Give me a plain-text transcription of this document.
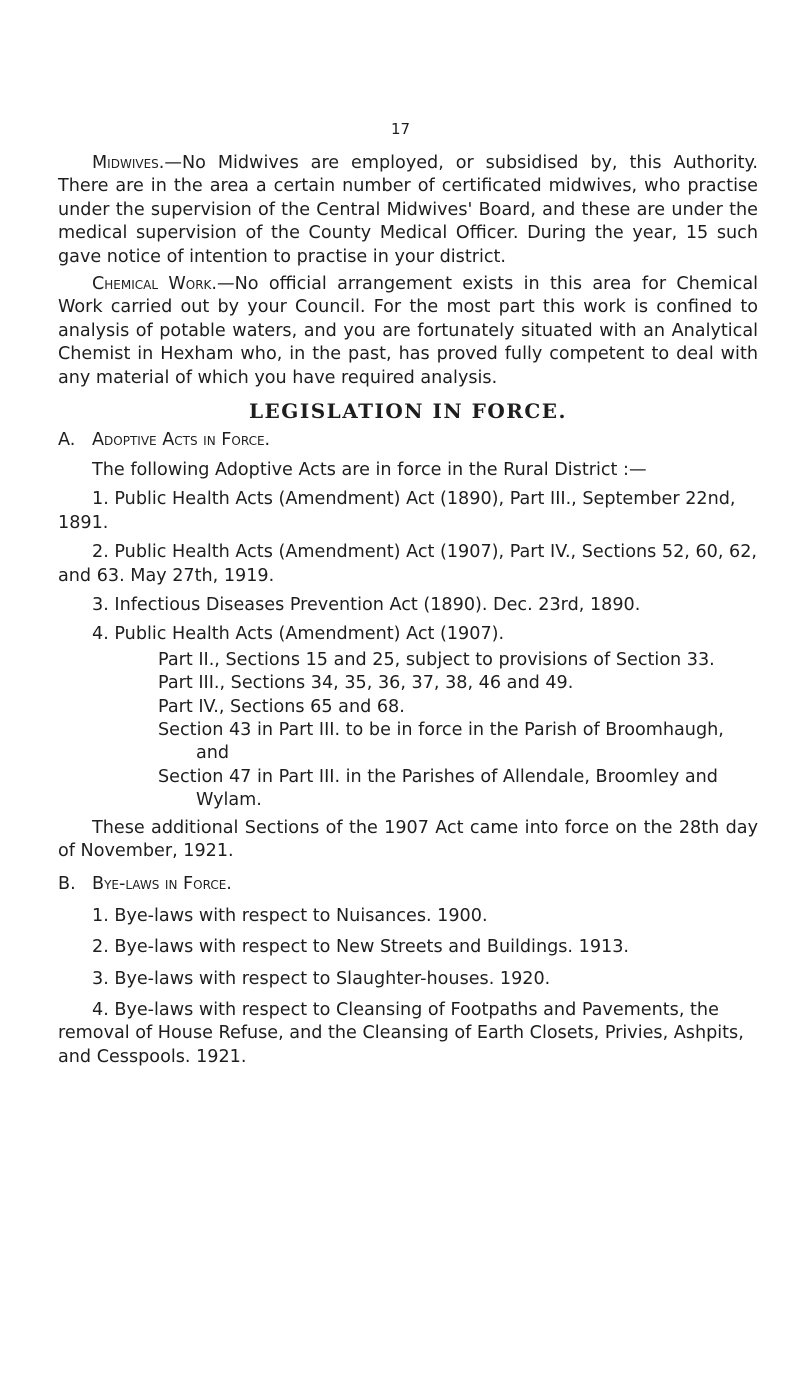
17

Midwives.—No Midwives are employed, or subsidised by, this Authority. There are in the area a certain number of certificated midwives, who practise under the supervision of the Central Midwives' Board, and these are under the medical supervision of the County Medical Officer. During the year, 15 such gave notice of intention to practise in your district.

Chemical Work.—No official arrangement exists in this area for Chemical Work carried out by your Council. For the most part this work is confined to analysis of potable waters, and you are fortunately situated with an Analytical Chemist in Hexham who, in the past, has proved fully competent to deal with any material of which you have required analysis.

LEGISLATION IN FORCE.

A. Adoptive Acts in Force.

The following Adoptive Acts are in force in the Rural District :—

1. Public Health Acts (Amendment) Act (1890), Part III., September 22nd, 1891.

2. Public Health Acts (Amendment) Act (1907), Part IV., Sections 52, 60, 62, and 63. May 27th, 1919.

3. Infectious Diseases Prevention Act (1890). Dec. 23rd, 1890.

4. Public Health Acts (Amendment) Act (1907).

Part II., Sections 15 and 25, subject to provisions of Section 33.
Part III., Sections 34, 35, 36, 37, 38, 46 and 49.
Part IV., Sections 65 and 68.
Section 43 in Part III. to be in force in the Parish of Broomhaugh, and
Section 47 in Part III. in the Parishes of Allendale, Broomley and Wylam.

These additional Sections of the 1907 Act came into force on the 28th day of November, 1921.

B. Bye-laws in Force.

1. Bye-laws with respect to Nuisances. 1900.

2. Bye-laws with respect to New Streets and Buildings. 1913.

3. Bye-laws with respect to Slaughter-houses. 1920.

4. Bye-laws with respect to Cleansing of Footpaths and Pavements, the removal of House Refuse, and the Cleansing of Earth Closets, Privies, Ashpits, and Cesspools. 1921.
